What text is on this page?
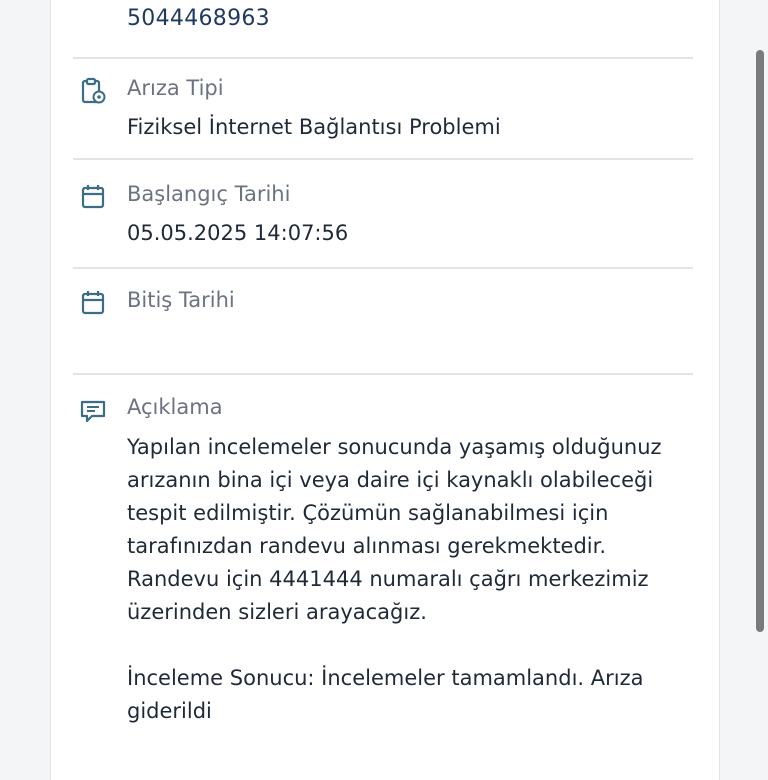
5044468963
Arıza Tipi
Fiziksel İnternet Bağlantısı Problemi
Başlangıç Tarihi
05.05.2025 14:07:56
Bitiş Tarihi
Açıklama

Yapılan incelemeler sonucunda yaşamış olduğunuz arızanın bina içi veya daire içi kaynaklı olabileceği tespit edilmiştir. Çözümün sağlanabilmesi için tarafınızdan randevu alınması gerekmektedir. Randevu için 4441444 numaralı çağrı merkezimiz üzerinden sizleri arayacağız.

İnceleme Sonucu: İncelemeler tamamlandı. Arıza giderildi
